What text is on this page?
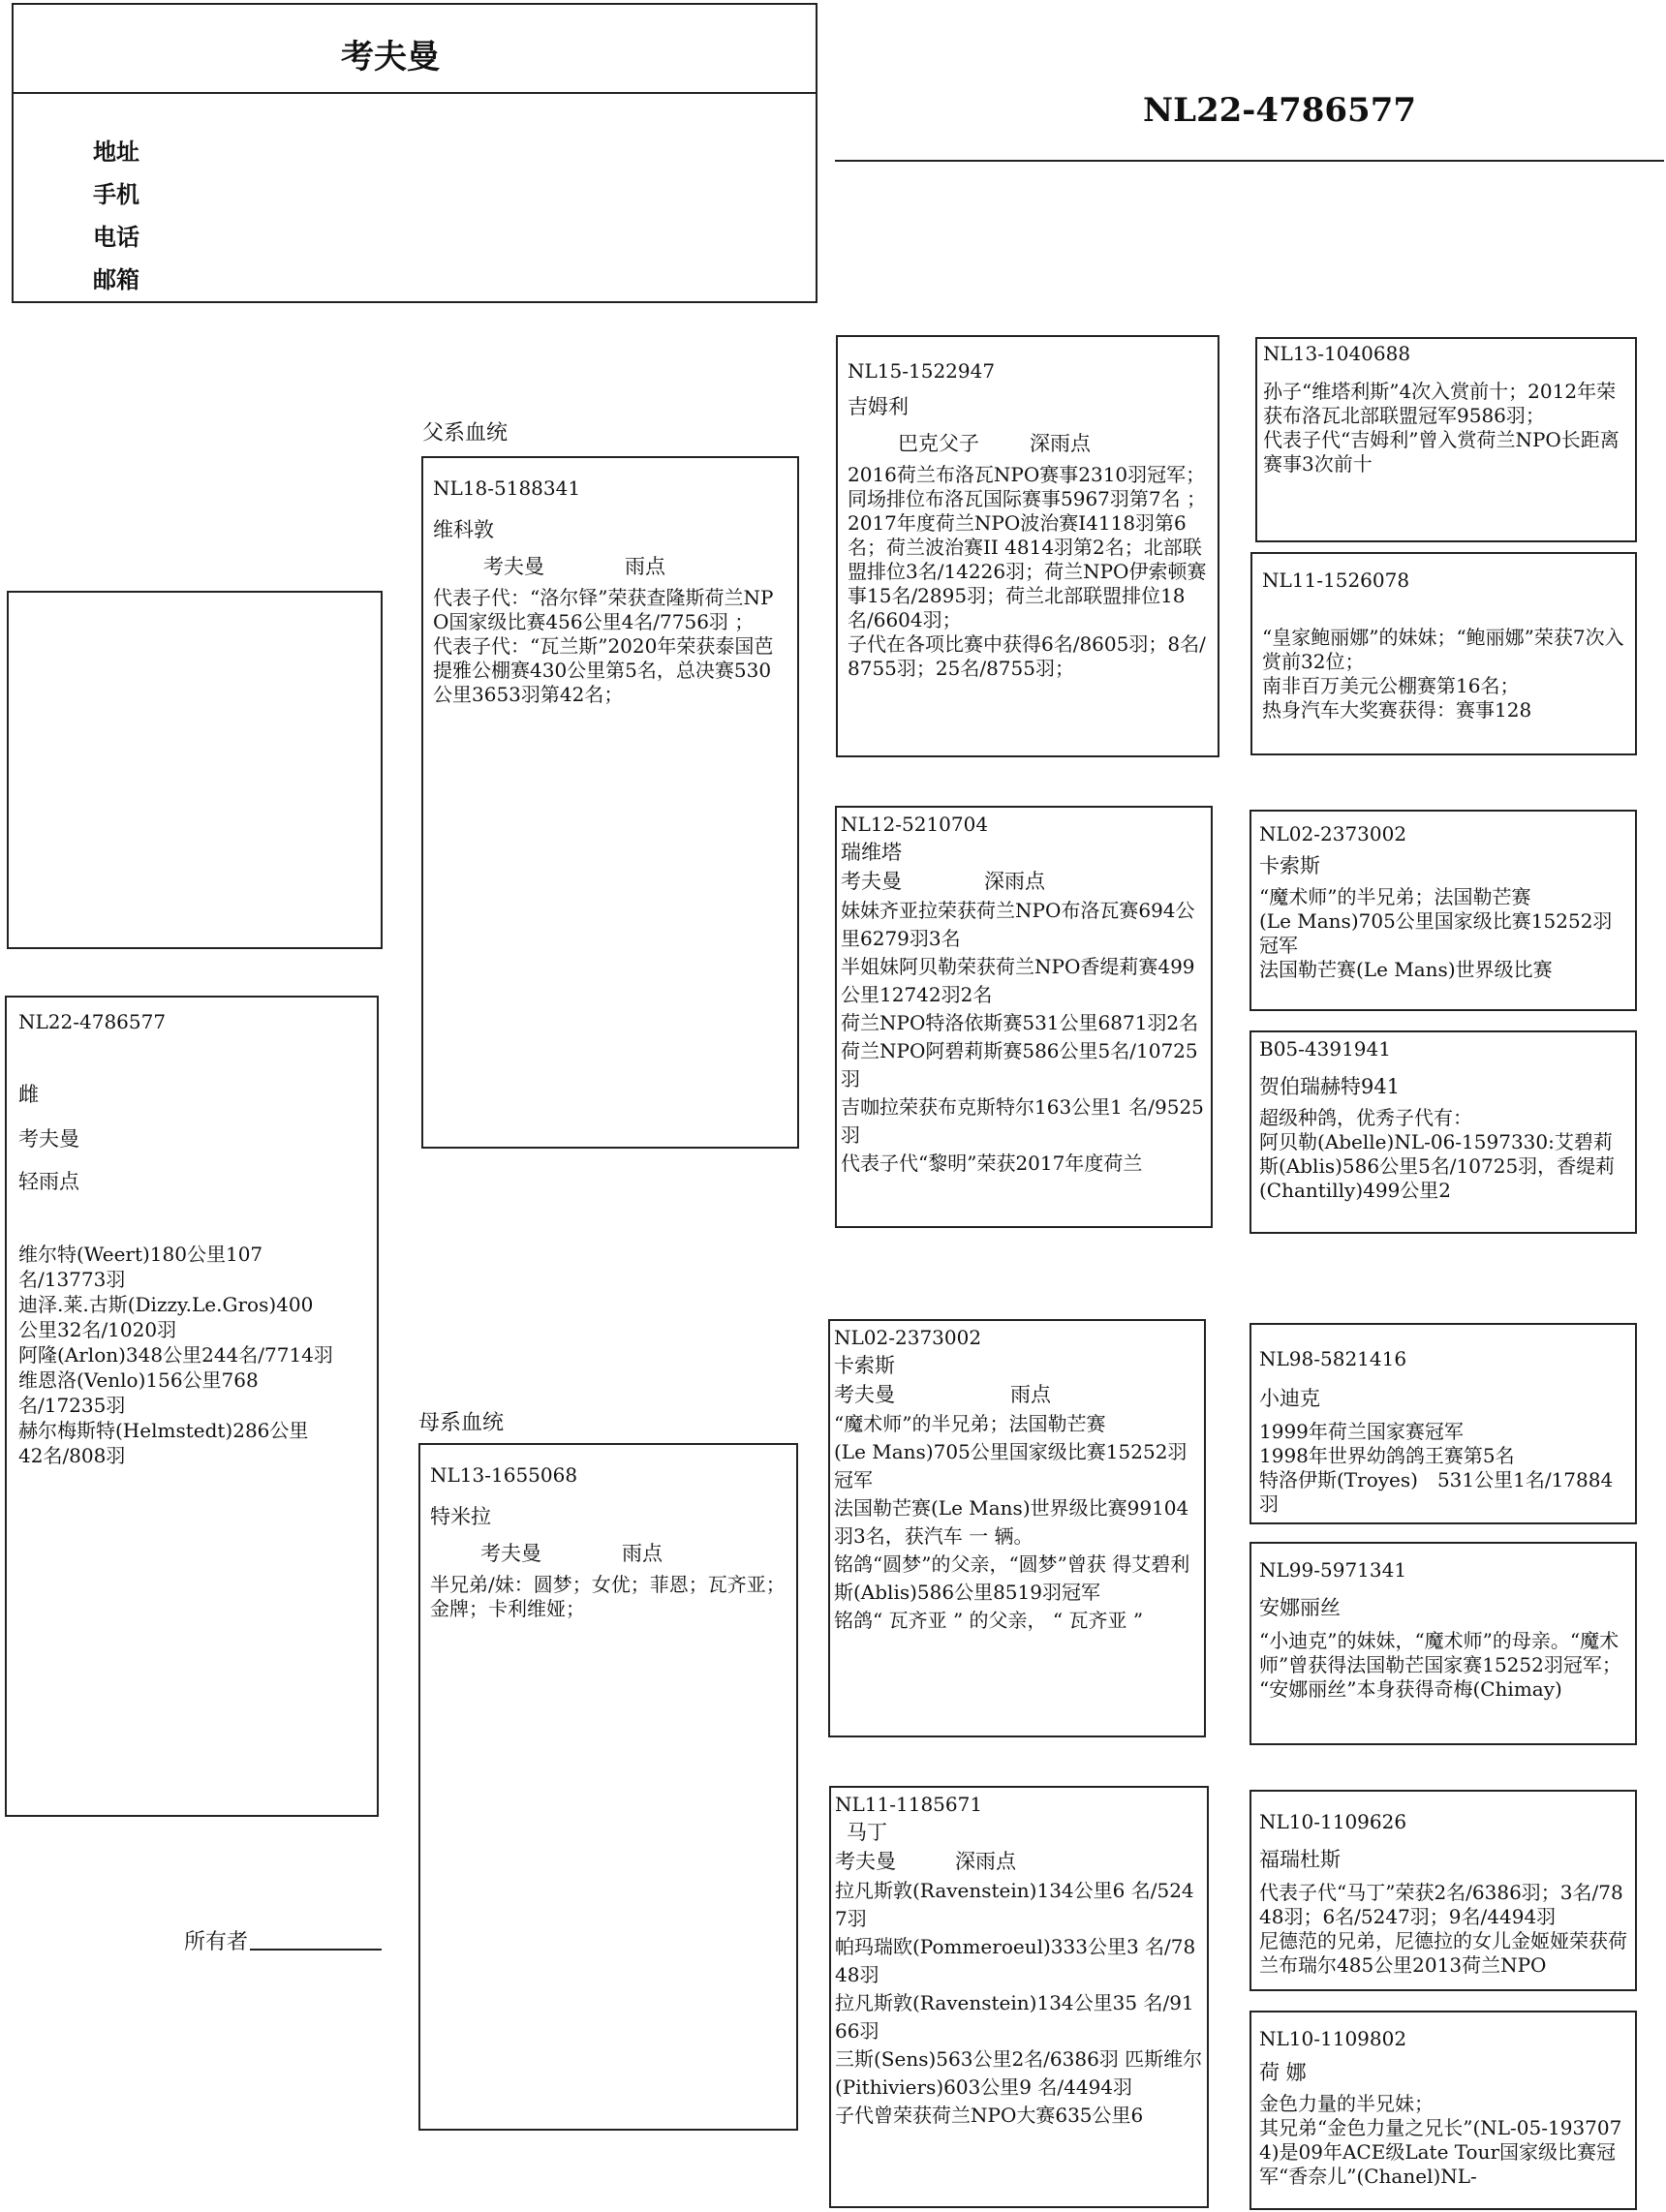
考夫曼
地址
手机
电话
邮箱
NL22-4786577
NL22-4786577
雌
考夫曼
轻雨点
维尔特(Weert)180公里107
名/13773羽
迪泽.莱.古斯(Dizzy.Le.Gros)400
公里32名/1020羽
阿隆(Arlon)348公里244名/7714羽
维恩洛(Venlo)156公里768
名/17235羽
赫尔梅斯特(Helmstedt)286公里
42名/808羽
所有者
父系血统
母系血统
NL18-5188341
维科敦
考夫曼	雨点
代表子代：“洛尔铎”荣获查隆斯荷兰NPO国家级比赛456公里4名/7756羽 ；
代表子代：“瓦兰斯”2020年荣获泰国芭提雅公棚赛430公里第5名，总决赛530公里3653羽第42名；
NL13-1655068
特米拉
考夫曼	雨点
半兄弟/妹：圆梦；女优；菲恩；瓦齐亚；金牌；卡利维娅；
NL15-1522947
吉姆利
巴克父子 深雨点
2016荷兰布洛瓦NPO赛事2310羽冠军；同场排位布洛瓦国际赛事5967羽第7名 ；
2017年度荷兰NPO波治赛I4118羽第6名；荷兰波治赛II 4814羽第2名；北部联盟排位3名/14226羽；荷兰NPO伊索顿赛事15名/2895羽；荷兰北部联盟排位18名/6604羽；
子代在各项比赛中获得6名/8605羽；8名/8755羽；25名/8755羽；
NL12-5210704
瑞维塔
考夫曼	深雨点
妹妹齐亚拉荣获荷兰NPO布洛瓦赛694公里6279羽3名
半姐妹阿贝勒荣获荷兰NPO香缇莉赛499公里12742羽2名
荷兰NPO特洛依斯赛531公里6871羽2名
荷兰NPO阿碧莉斯赛586公里5名/10725羽
吉咖拉荣获布克斯特尔163公里1 名/9525羽
代表子代“黎明”荣获2017年度荷兰
NL02-2373002
卡索斯
考夫曼	雨点
“魔术师”的半兄弟；法国勒芒赛
(Le Mans)705公里国家级比赛15252羽冠军
法国勒芒赛(Le Mans)世界级比赛99104羽3名，获汽车 一 辆。
铭鸽“圆梦”的父亲，“圆梦”曾获 得艾碧利斯(Ablis)586公里8519羽冠军
铭鸽“ 瓦齐亚 ” 的父亲， “ 瓦齐亚 ”
NL11-1185671
马丁
考夫曼	深雨点
拉凡斯敦(Ravenstein)134公里6 名/5247羽
帕玛瑞欧(Pommeroeul)333公里3 名/7848羽
拉凡斯敦(Ravenstein)134公里35 名/9166羽
三斯(Sens)563公里2名/6386羽 匹斯维尔(Pithiviers)603公里9 名/4494羽
子代曾荣获荷兰NPO大赛635公里6
NL13-1040688
孙子“维塔利斯”4次入赏前十；2012年荣获布洛瓦北部联盟冠军9586羽；
代表子代“吉姆利”曾入赏荷兰NPO长距离赛事3次前十
NL11-1526078
“皇家鲍丽娜”的妹妹；“鲍丽娜”荣获7次入赏前32位；
南非百万美元公棚赛第16名；
热身汽车大奖赛获得：赛事128
NL02-2373002
卡索斯
“魔术师”的半兄弟；法国勒芒赛
(Le Mans)705公里国家级比赛15252羽冠军
法国勒芒赛(Le Mans)世界级比赛
B05-4391941
贺伯瑞赫特941
超级种鸽，优秀子代有：
阿贝勒(Abelle)NL-06-1597330:艾碧莉斯(Ablis)586公里5名/10725羽，香缇莉(Chantilly)499公里2
NL98-5821416
小迪克
1999年荷兰国家赛冠军
1998年世界幼鸽鸽王赛第5名
特洛伊斯(Troyes)　531公里1名/17884羽
NL99-5971341
安娜丽丝
“小迪克”的妹妹，“魔术师”的母亲。“魔术师”曾获得法国勒芒国家赛15252羽冠军；
“安娜丽丝”本身获得奇梅(Chimay)
NL10-1109626
福瑞杜斯
代表子代“马丁”荣获2名/6386羽；3名/7848羽；6名/5247羽；9名/4494羽
尼德范的兄弟，尼德拉的女儿金姬娅荣获荷兰布瑞尔485公里2013荷兰NPO
NL10-1109802
荷 娜
金色力量的半兄妹；
其兄弟“金色力量之兄长”(NL-05-1937074)是09年ACE级Late Tour国家级比赛冠军“香奈儿”(Chanel)NL-
